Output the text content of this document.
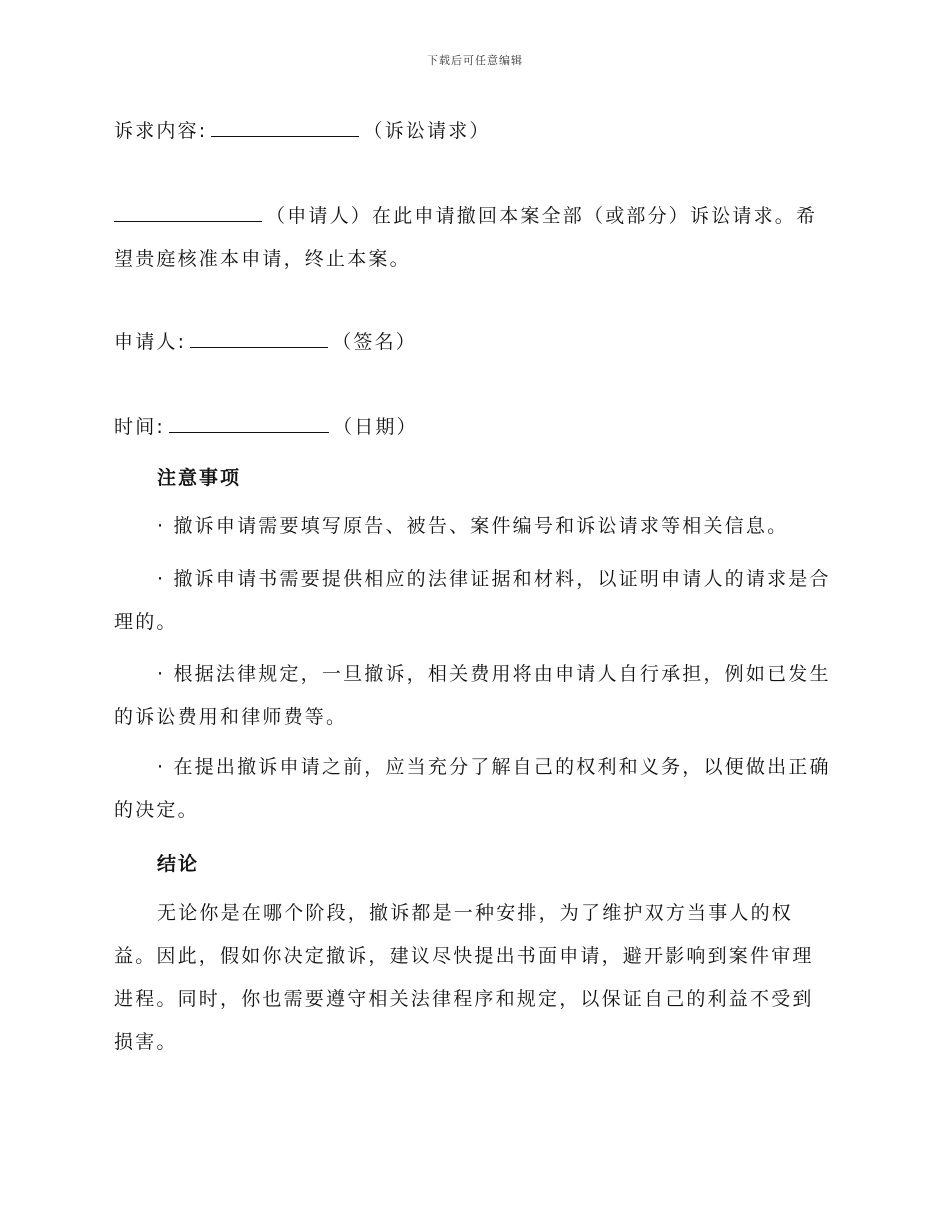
下载后可任意编辑
诉求内容:	（诉讼请求）
（申请人）在此申请撤回本案全部（或部分）诉讼请求。希
望贵庭核准本申请，终止本案。
申请人:	（签名）
时间:	（日期）
注意事项

· 撤诉申请需要填写原告、被告、案件编号和诉讼请求等相关信息。

· 撤诉申请书需要提供相应的法律证据和材料，以证明申请人的请求是合理的。

· 根据法律规定，一旦撤诉，相关费用将由申请人自行承担，例如已发生的诉讼费用和律师费等。

· 在提出撤诉申请之前，应当充分了解自己的权利和义务，以便做出正确的决定。

结论

无论你是在哪个阶段，撤诉都是一种安排，为了维护双方当事人的权益。因此，假如你决定撤诉，建议尽快提出书面申请，避开影响到案件审理进程。同时，你也需要遵守相关法律程序和规定，以保证自己的利益不受到损害。
